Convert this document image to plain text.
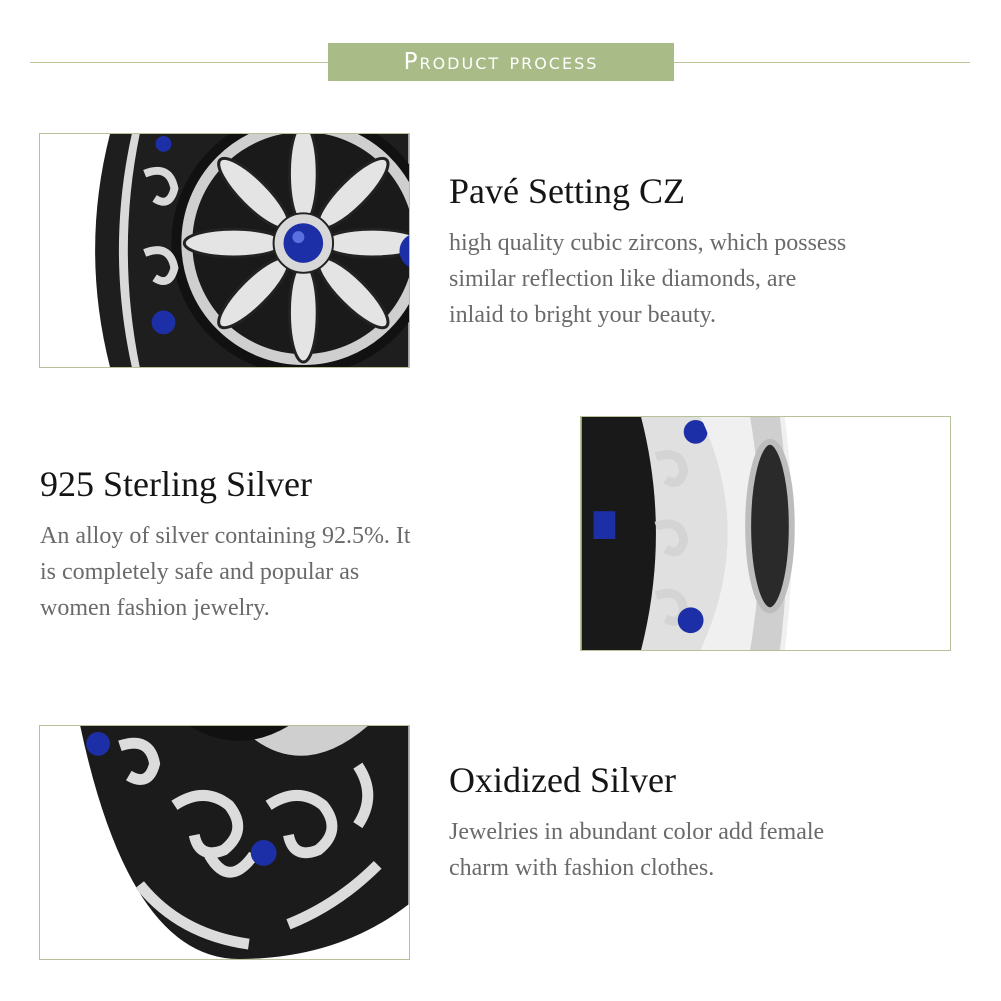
Product process
Pavé Setting CZ
high quality cubic zircons, which possess
similar reflection like diamonds, are
inlaid to bright your beauty.
925 Sterling Silver
An alloy of silver containing 92.5%. It
is completely safe and popular as
women fashion jewelry.
Oxidized Silver
Jewelries in abundant color add female
charm with fashion clothes.
